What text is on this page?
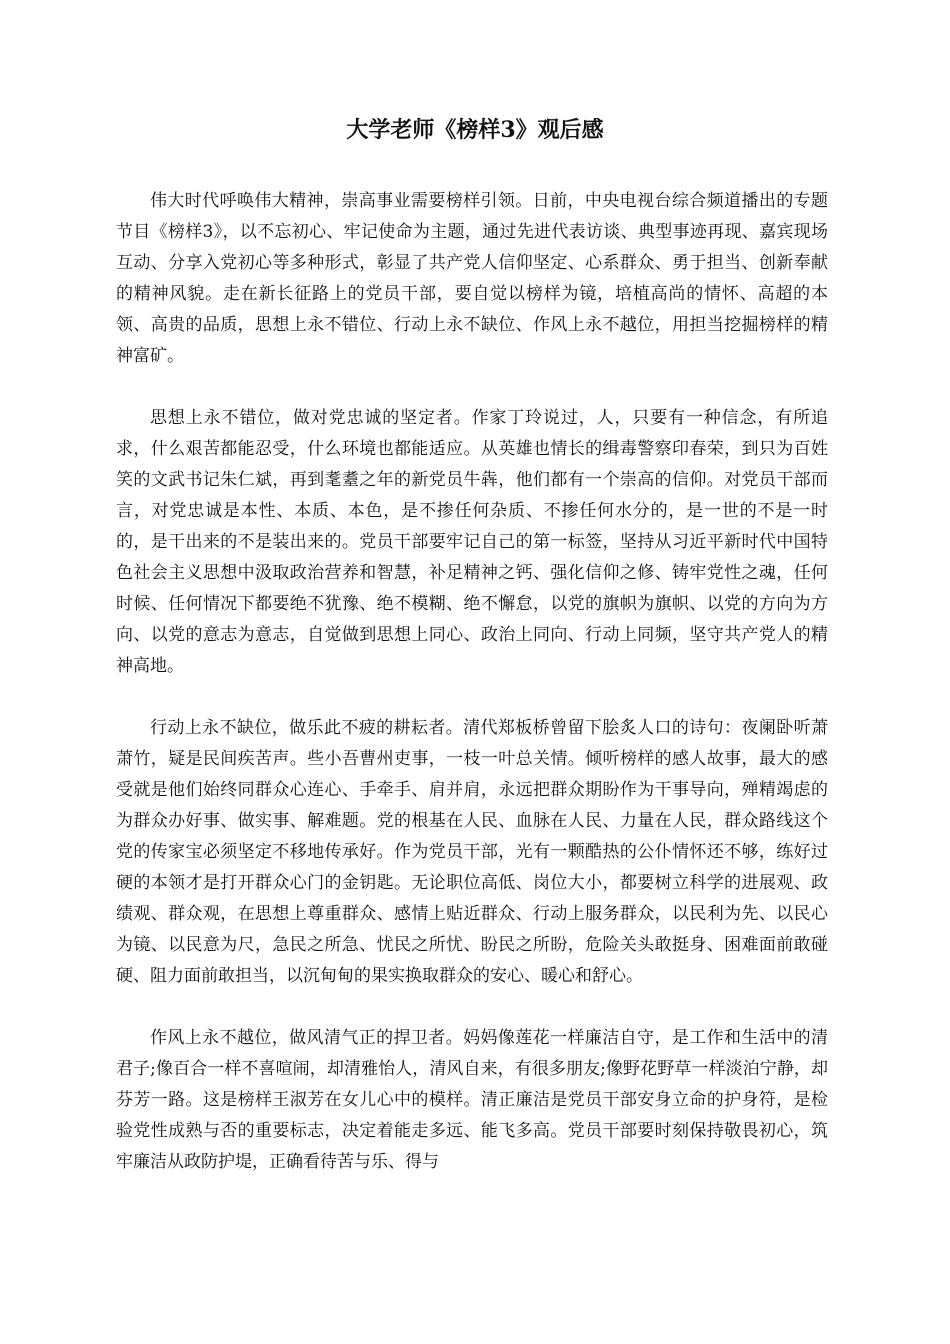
大学老师《榜样3》观后感

伟大时代呼唤伟大精神，崇高事业需要榜样引领。日前，中央电视台综合频道播出的专题节目《榜样3》，以不忘初心、牢记使命为主题，通过先进代表访谈、典型事迹再现、嘉宾现场互动、分享入党初心等多种形式，彰显了共产党人信仰坚定、心系群众、勇于担当、创新奉献的精神风貌。走在新长征路上的党员干部，要自觉以榜样为镜，培植高尚的情怀、高超的本领、高贵的品质，思想上永不错位、行动上永不缺位、作风上永不越位，用担当挖掘榜样的精神富矿。

思想上永不错位，做对党忠诚的坚定者。作家丁玲说过，人，只要有一种信念，有所追求，什么艰苦都能忍受，什么环境也都能适应。从英雄也情长的缉毒警察印春荣，到只为百姓笑的文武书记朱仁斌，再到耄耋之年的新党员牛犇，他们都有一个崇高的信仰。对党员干部而言，对党忠诚是本性、本质、本色，是不掺任何杂质、不掺任何水分的，是一世的不是一时的，是干出来的不是装出来的。党员干部要牢记自己的第一标签，坚持从习近平新时代中国特色社会主义思想中汲取政治营养和智慧，补足精神之钙、强化信仰之修、铸牢党性之魂，任何时候、任何情况下都要绝不犹豫、绝不模糊、绝不懈怠，以党的旗帜为旗帜、以党的方向为方向、以党的意志为意志，自觉做到思想上同心、政治上同向、行动上同频，坚守共产党人的精神高地。

行动上永不缺位，做乐此不疲的耕耘者。清代郑板桥曾留下脍炙人口的诗句：夜阑卧听萧萧竹，疑是民间疾苦声。些小吾曹州吏事，一枝一叶总关情。倾听榜样的感人故事，最大的感受就是他们始终同群众心连心、手牵手、肩并肩，永远把群众期盼作为干事导向，殚精竭虑的为群众办好事、做实事、解难题。党的根基在人民、血脉在人民、力量在人民，群众路线这个党的传家宝必须坚定不移地传承好。作为党员干部，光有一颗酷热的公仆情怀还不够，练好过硬的本领才是打开群众心门的金钥匙。无论职位高低、岗位大小，都要树立科学的进展观、政绩观、群众观，在思想上尊重群众、感情上贴近群众、行动上服务群众，以民利为先、以民心为镜、以民意为尺，急民之所急、忧民之所忧、盼民之所盼，危险关头敢挺身、困难面前敢碰硬、阻力面前敢担当，以沉甸甸的果实换取群众的安心、暖心和舒心。

作风上永不越位，做风清气正的捍卫者。妈妈像莲花一样廉洁自守，是工作和生活中的清君子;像百合一样不喜喧闹，却清雅怡人，清风自来，有很多朋友;像野花野草一样淡泊宁静，却芬芳一路。这是榜样王淑芳在女儿心中的模样。清正廉洁是党员干部安身立命的护身符，是检验党性成熟与否的重要标志，决定着能走多远、能飞多高。党员干部要时刻保持敬畏初心，筑牢廉洁从政防护堤，正确看待苦与乐、得与
